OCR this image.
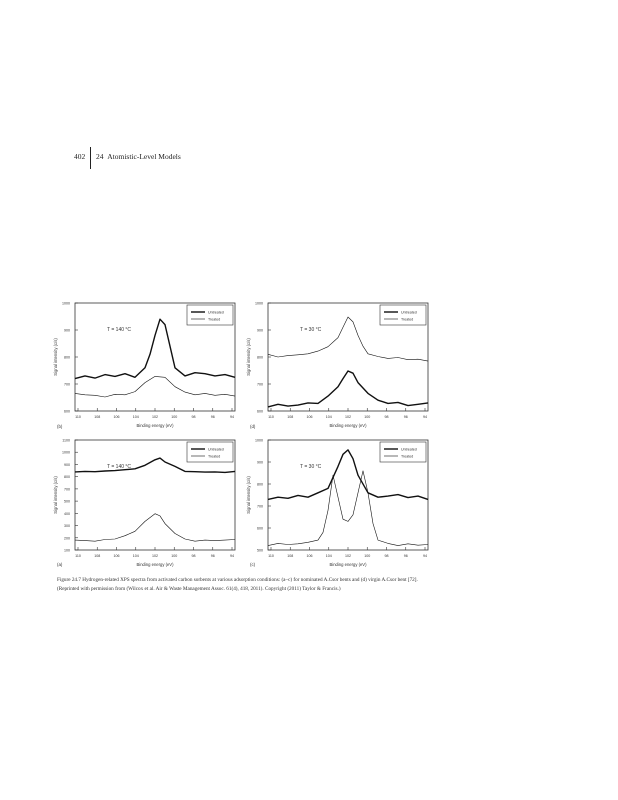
402 24 Atomistic-Level Models
600
700
800
900
1000
110	108	106	104	102	100	98	96	94
Binding energy (eV)
Signal intensity (c/s)
(b)
T = 140 °C
Untreated
Treated
600
700
800
900
1000
110	108	106	104	102	100	98	96	94
Binding energy (eV)
Signal intensity (c/s)
(d)
T = 30 °C
Untreated
Treated
100
200
300
400
500
700
800
900
1000
1100
110	108	106	104	102	100	98	96	94
Binding energy (eV)
Signal intensity (c/s)
(a)
T = 140 °C
Untreated
Treated
500
600
700
800
900
1000
110	108	106	104	102	100	98	96	94
Binding energy (eV)
Signal intensity (c/s)
(c)
T = 30 °C
Untreated
Treated
Figure 24.7 Hydrogen-related XPS spectra from activated carbon sorbents at various adsorption conditions: (a–c) for nominated A.Csor bents and (d) virgin A.Csor bent [72]. (Reprinted with permission from (Wilcox et al. Air & Waste Management Assoc. 61(4), 418, 2011). Copyright (2011) Taylor & Francis.)
